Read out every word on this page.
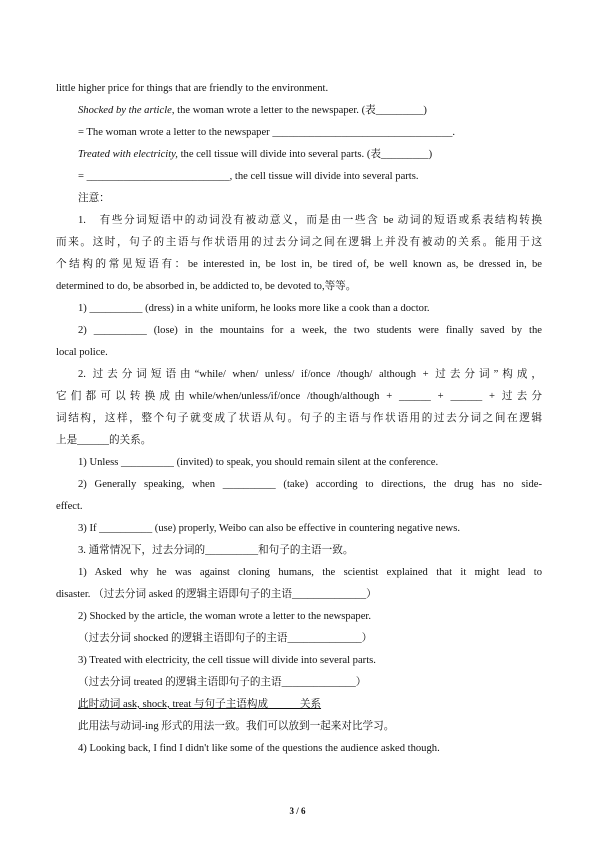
little higher price for things that are friendly to the environment.
Shocked by the article, the woman wrote a letter to the newspaper. (表_________)
= The woman wrote a letter to the newspaper __________________________________.
Treated with electricity, the cell tissue will divide into several parts. (表_________)
= ___________________________, the cell tissue will divide into several parts.
注意：
1.　有些分词短语中的动词没有被动意义，而是由一些含 be 动词的短语或系表结构转换
而来。这时，句子的主语与作状语用的过去分词之间在逻辑上并没有被动的关系。能用于这
个结构的常见短语有：be interested in, be lost in, be tired of, be well known as, be dressed in, be
determined to do, be absorbed in, be addicted to, be devoted to,等等。
1) __________ (dress) in a white uniform, he looks more like a cook than a doctor.
2) __________ (lose) in the mountains for a week, the two students were finally saved by the
local police.
2. 过去分词短语由“while/ when/ unless/ if/once /though/ although + 过去分词”构成，
它们都可以转换成由while/when/unless/if/once /though/although + ______ + ______ + 过去分
词结构，这样，整个句子就变成了状语从句。句子的主语与作状语用的过去分词之间在逻辑
上是______的关系。
1) Unless __________ (invited) to speak, you should remain silent at the conference.
2) Generally speaking, when __________ (take) according to directions, the drug has no side-
effect.
3) If __________ (use) properly, Weibo can also be effective in countering negative news.
3. 通常情况下，过去分词的__________和句子的主语一致。
1) Asked why he was against cloning humans, the scientist explained that it might lead to
disaster. （过去分词 asked 的逻辑主语即句子的主语______________）
2) Shocked by the article, the woman wrote a letter to the newspaper.
（过去分词 shocked 的逻辑主语即句子的主语______________）
3) Treated with electricity, the cell tissue will divide into several parts.
（过去分词 treated 的逻辑主语即句子的主语______________）
此时动词 ask, shock, treat 与句子主语构成______关系
此用法与动词-ing 形式的用法一致。我们可以放到一起来对比学习。
4) Looking back, I find I didn't like some of the questions the audience asked though.
3 / 6
